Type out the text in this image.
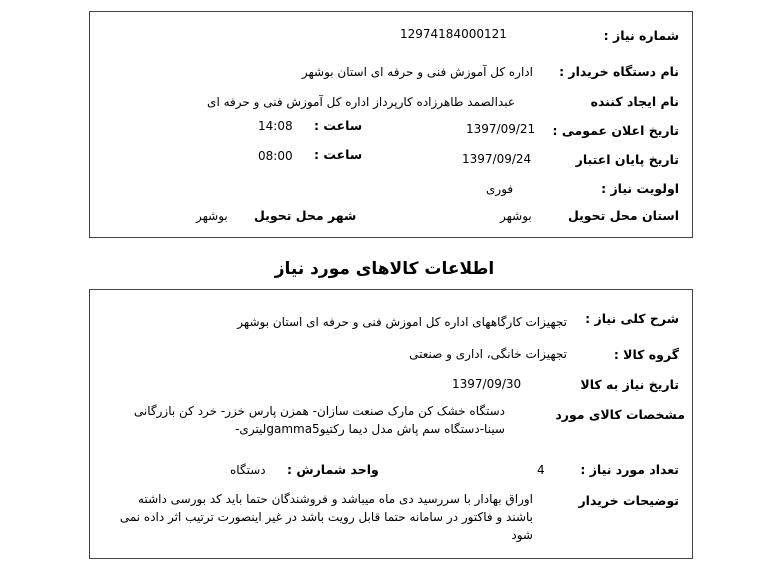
شماره نیاز :
12974184000121
نام دستگاه خریدار :
اداره کل آموزش فنی و حرفه ای استان بوشهر
نام ایجاد کننده
عبدالصمد طاهرزاده کارپرداز اداره کل آموزش فنی و حرفه ای
تاریخ اعلان عمومی :
1397/09/21
ساعت :
14:08
تاریخ پایان اعتبار
1397/09/24
ساعت :
08:00
اولویت نیاز :
فوری
استان محل تحویل
بوشهر
شهر محل تحویل
بوشهر
اطلاعات کالاهای مورد نیاز
شرح کلی نیاز :
تجهیزات کارگاههای اداره کل اموزش فنی و حرفه ای استان بوشهر
گروه کالا :
تجهیزات خانگی، اداری و صنعتی
تاریخ نیاز به کالا
1397/09/30
مشخصات کالای مورد
دستگاه خشک کن مارک صنعت سازان- همزن پارس خزر- خرد کن بازرگانی
سینا-دستگاه سم پاش مدل دیما رکتیوgamma5لیتری-
تعداد مورد نیاز :
4
واحد شمارش :
دستگاه
توضیحات خریدار
اوراق بهادار با سررسید دی ماه میباشد و فروشندگان حتما باید کد بورسی داشته
باشند و فاکتور در سامانه حتما قابل رویت باشد در غیر اینصورت ترتیب اثر داده نمی
شود
